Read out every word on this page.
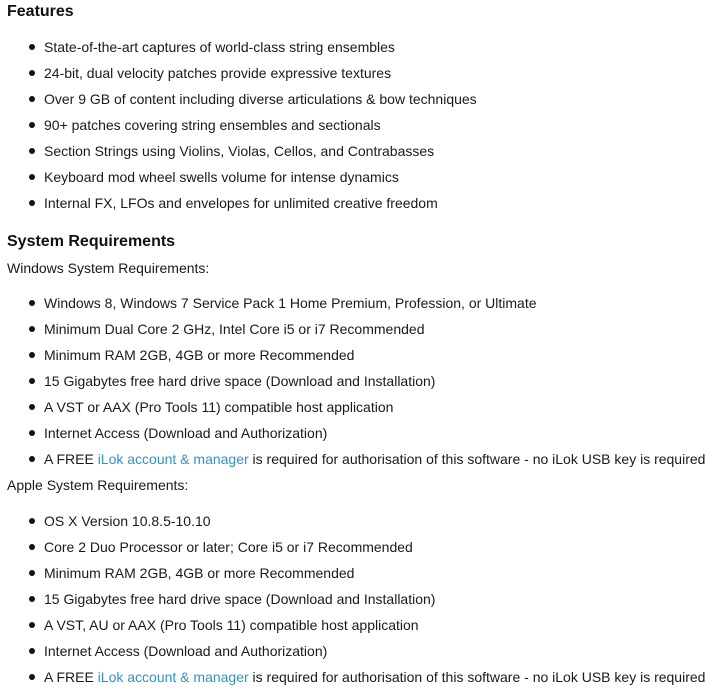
Features
State-of-the-art captures of world-class string ensembles
24-bit, dual velocity patches provide expressive textures
Over 9 GB of content including diverse articulations & bow techniques
90+ patches covering string ensembles and sectionals
Section Strings using Violins, Violas, Cellos, and Contrabasses
Keyboard mod wheel swells volume for intense dynamics
Internal FX, LFOs and envelopes for unlimited creative freedom
System Requirements
Windows System Requirements:
Windows 8, Windows 7 Service Pack 1 Home Premium, Profession, or Ultimate
Minimum Dual Core 2 GHz, Intel Core i5 or i7 Recommended
Minimum RAM 2GB, 4GB or more Recommended
15 Gigabytes free hard drive space (Download and Installation)
A VST or AAX (Pro Tools 11) compatible host application
Internet Access (Download and Authorization)
A FREE iLok account & manager is required for authorisation of this software - no iLok USB key is required
Apple System Requirements:
OS X Version 10.8.5-10.10
Core 2 Duo Processor or later; Core i5 or i7 Recommended
Minimum RAM 2GB, 4GB or more Recommended
15 Gigabytes free hard drive space (Download and Installation)
A VST, AU or AAX (Pro Tools 11) compatible host application
Internet Access (Download and Authorization)
A FREE iLok account & manager is required for authorisation of this software - no iLok USB key is required
